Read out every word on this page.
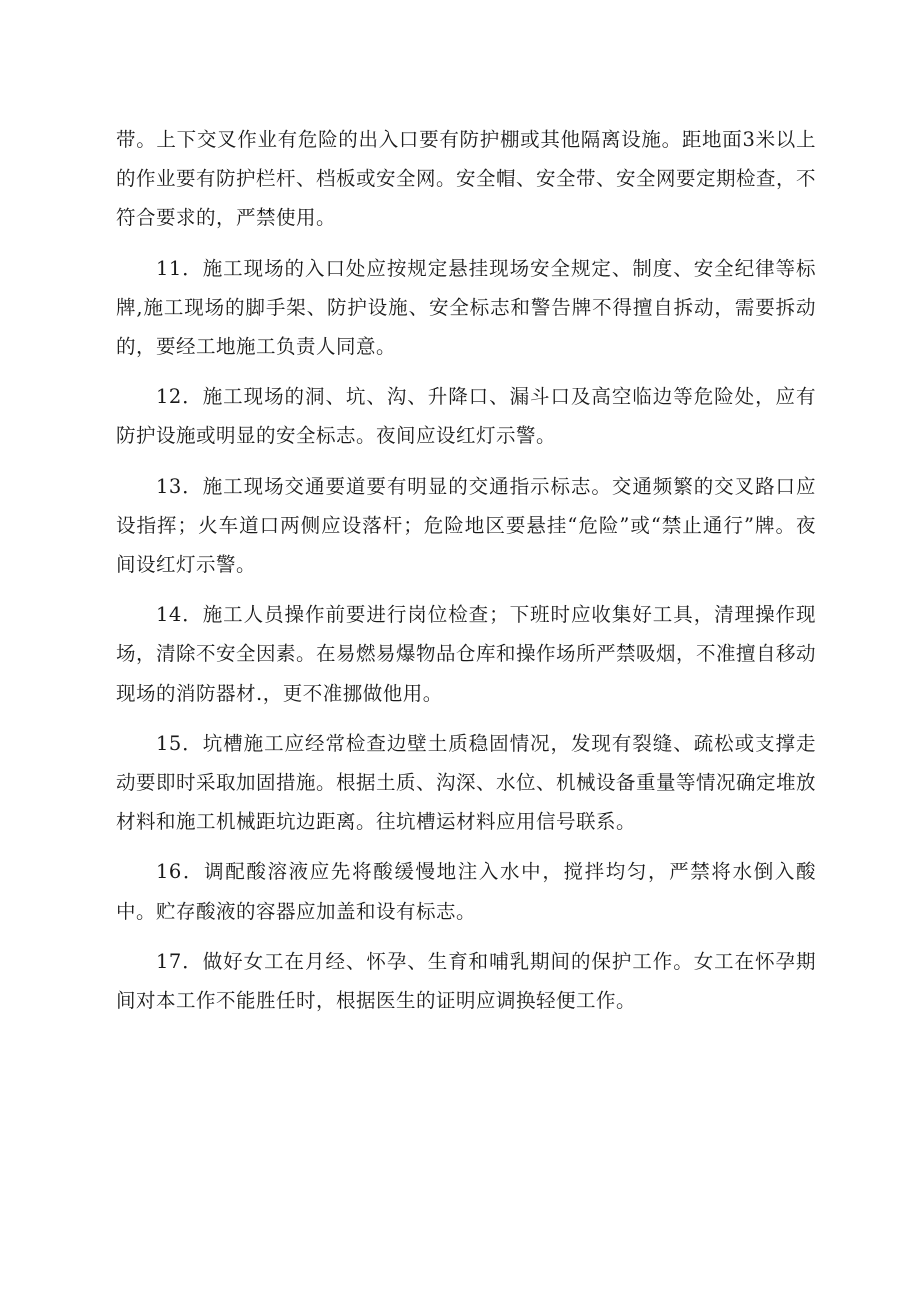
带。上下交叉作业有危险的出入口要有防护棚或其他隔离设施。距地面3米以上的作业要有防护栏杆、档板或安全网。安全帽、安全带、安全网要定期检查，不符合要求的，严禁使用。

11．施工现场的入口处应按规定悬挂现场安全规定、制度、安全纪律等标牌,施工现场的脚手架、防护设施、安全标志和警告牌不得擅自拆动，需要拆动的，要经工地施工负责人同意。

12．施工现场的洞、坑、沟、升降口、漏斗口及高空临边等危险处，应有防护设施或明显的安全标志。夜间应设红灯示警。

13．施工现场交通要道要有明显的交通指示标志。交通频繁的交叉路口应设指挥；火车道口两侧应设落杆；危险地区要悬挂“危险”或“禁止通行”牌。夜间设红灯示警。

14．施工人员操作前要进行岗位检查；下班时应收集好工具，清理操作现场，清除不安全因素。在易燃易爆物品仓库和操作场所严禁吸烟，不准擅自移动现场的消防器材.，更不准挪做他用。

15．坑槽施工应经常检查边壁土质稳固情况，发现有裂缝、疏松或支撑走动要即时采取加固措施。根据土质、沟深、水位、机械设备重量等情况确定堆放材料和施工机械距坑边距离。往坑槽运材料应用信号联系。

16．调配酸溶液应先将酸缓慢地注入水中，搅拌均匀，严禁将水倒入酸中。贮存酸液的容器应加盖和设有标志。

17．做好女工在月经、怀孕、生育和哺乳期间的保护工作。女工在怀孕期间对本工作不能胜任时，根据医生的证明应调换轻便工作。
